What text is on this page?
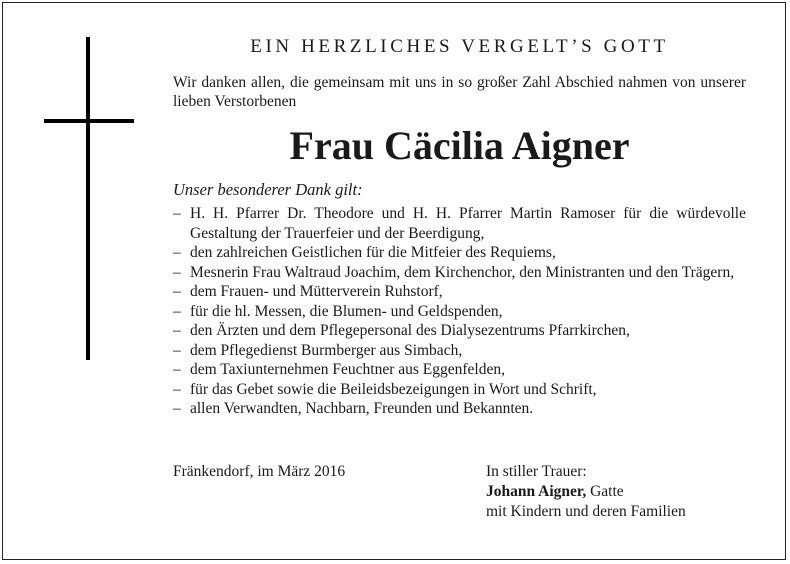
EIN HERZLICHES VERGELT’S GOTT
Wir danken allen, die gemeinsam mit uns in so großer Zahl Abschied nahmen von unserer lieben Verstorbenen
Frau Cäcilia Aigner
Unser besonderer Dank gilt:
– H. H. Pfarrer Dr. Theodore und H. H. Pfarrer Martin Ramoser für die würdevolle Gestaltung der Trauerfeier und der Beerdigung,
– den zahlreichen Geistlichen für die Mitfeier des Requiems,
– Mesnerin Frau Waltraud Joachim, dem Kirchenchor, den Ministranten und den Trägern,
– dem Frauen- und Mütterverein Ruhstorf,
– für die hl. Messen, die Blumen- und Geldspenden,
– den Ärzten und dem Pflegepersonal des Dialysezentrums Pfarrkirchen,
– dem Pflegedienst Burmberger aus Simbach,
– dem Taxiunternehmen Feuchtner aus Eggenfelden,
– für das Gebet sowie die Beileidsbezeigungen in Wort und Schrift,
– allen Verwandten, Nachbarn, Freunden und Bekannten.
Fränkendorf, im März 2016	In stiller Trauer:
Johann Aigner, Gatte
mit Kindern und deren Familien
